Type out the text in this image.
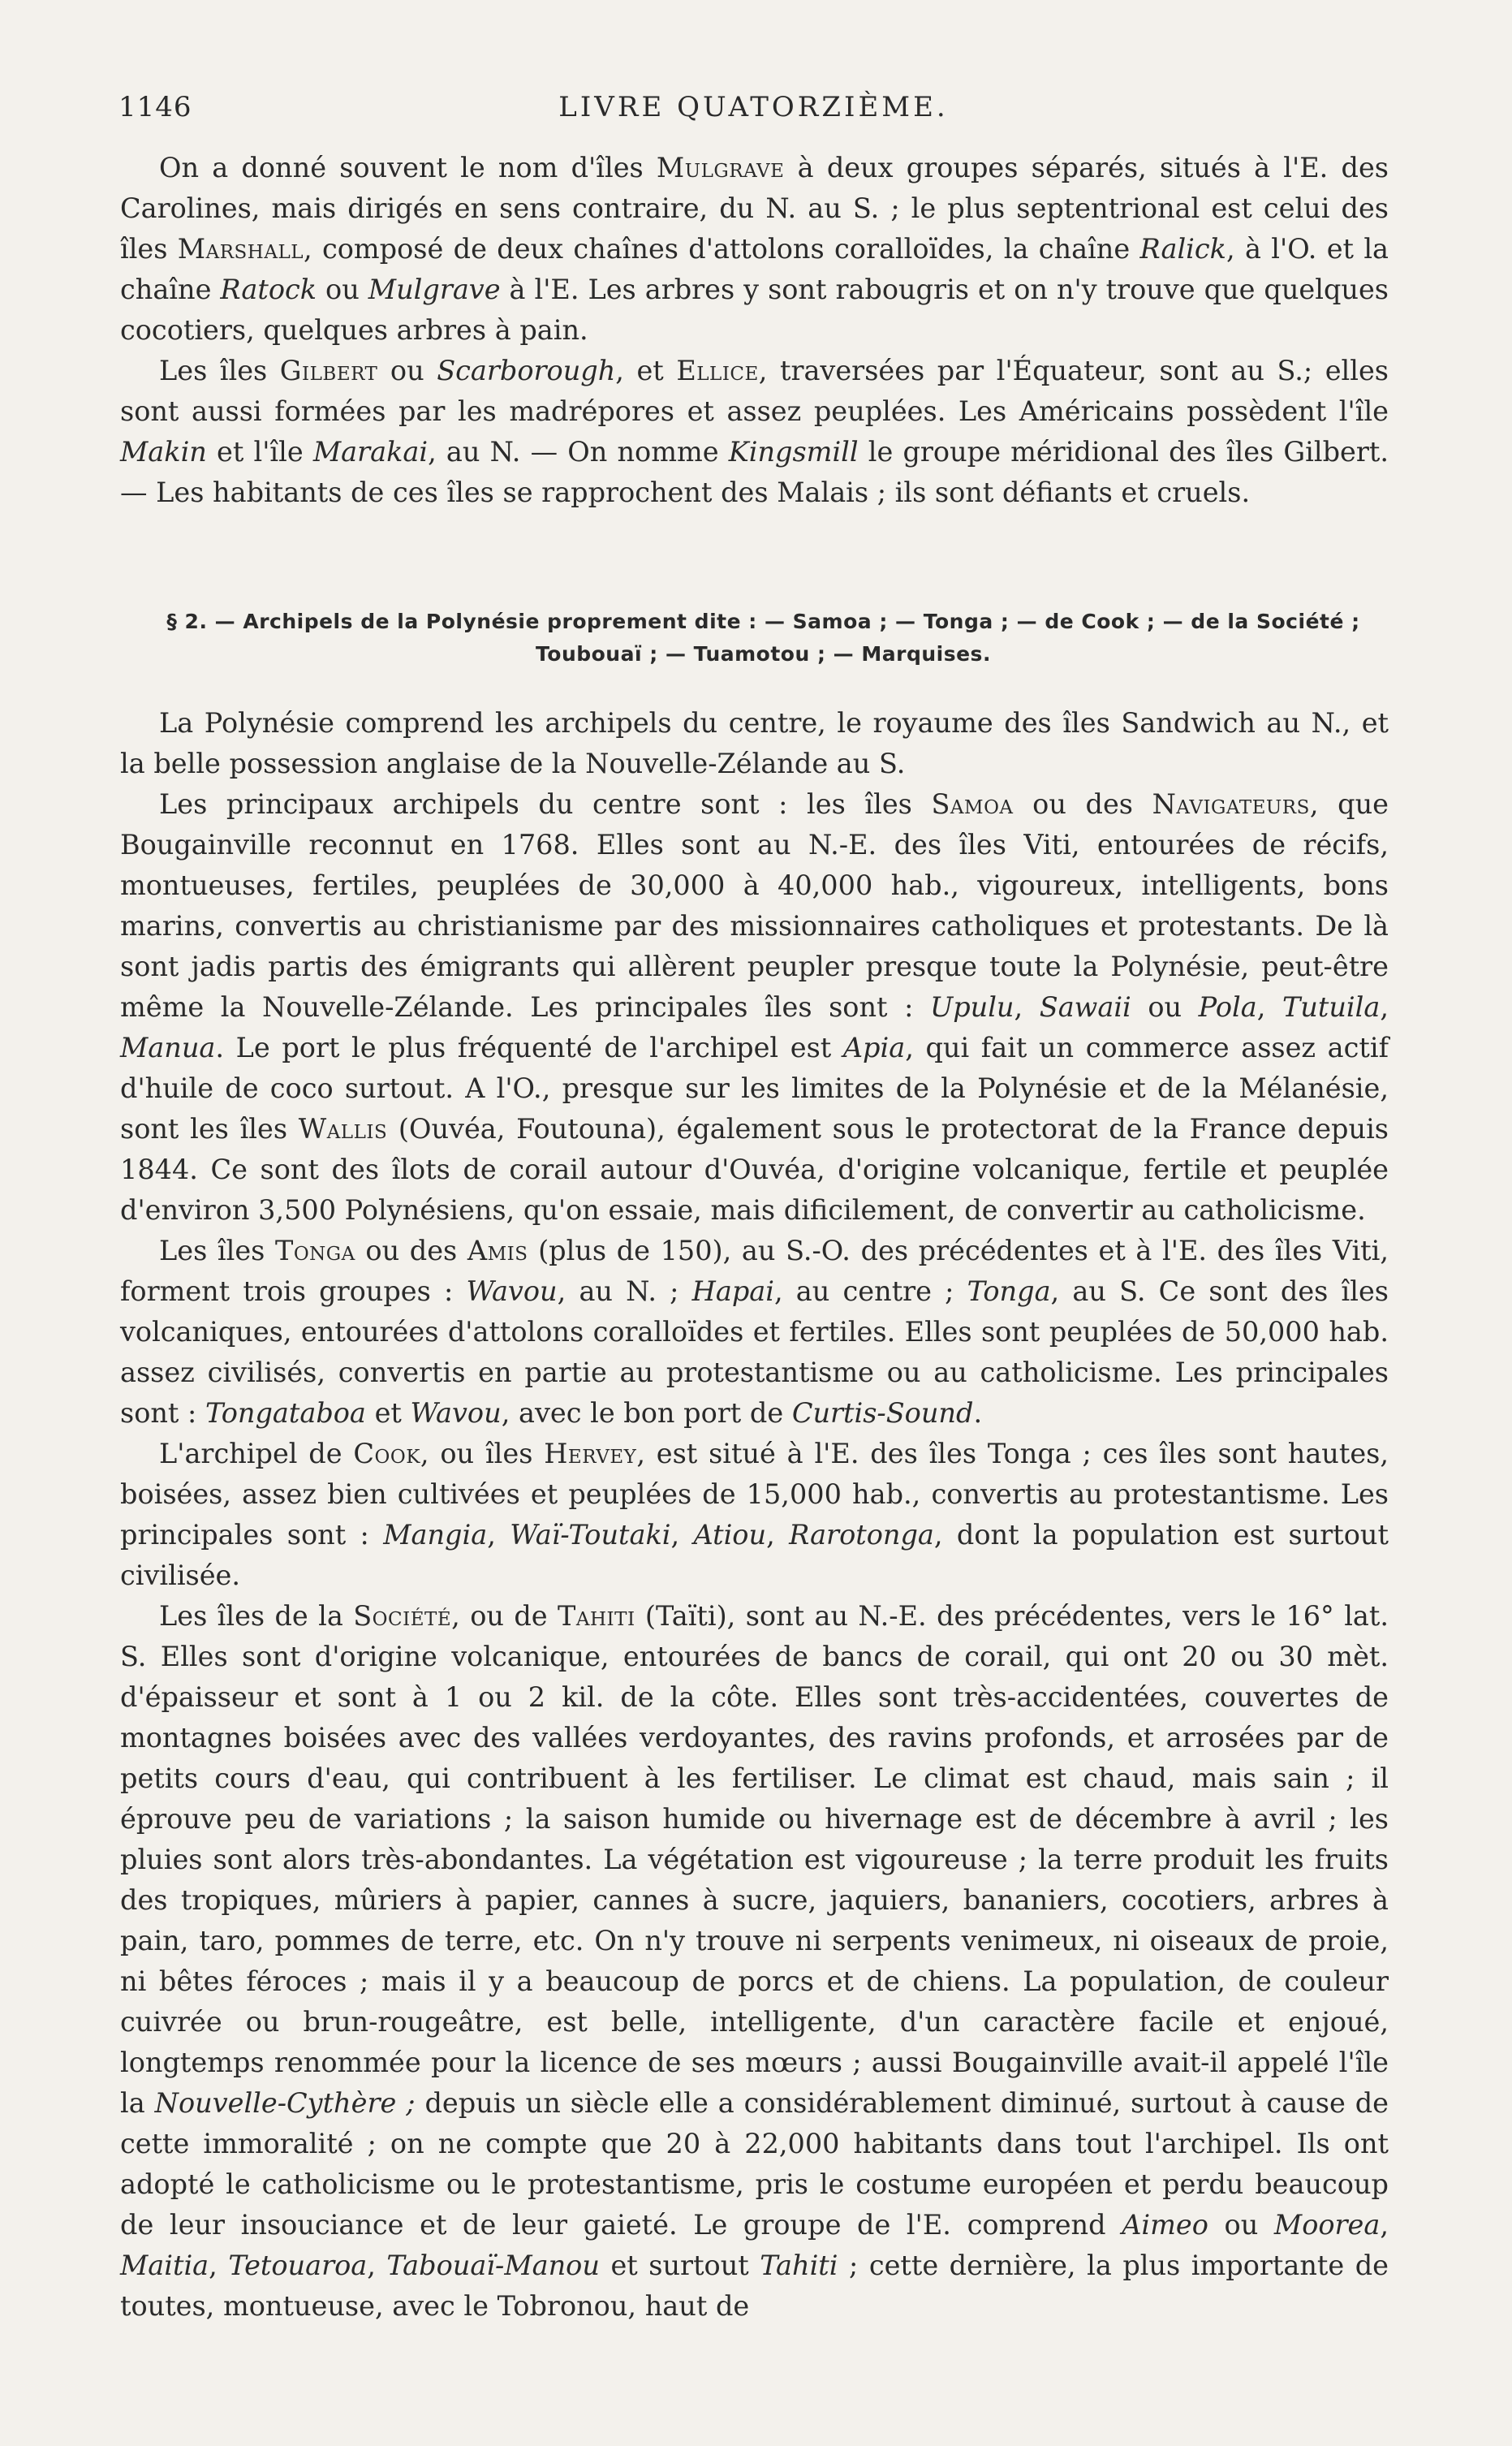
1146	LIVRE QUATORZIÈME.

On a donné souvent le nom d'îles Mulgrave à deux groupes séparés, situés à l'E. des Carolines, mais dirigés en sens contraire, du N. au S. ; le plus septentrional est celui des îles Marshall, composé de deux chaînes d'attolons coralloïdes, la chaîne Ralick, à l'O. et la chaîne Ratock ou Mulgrave à l'E. Les arbres y sont rabougris et on n'y trouve que quelques cocotiers, quelques arbres à pain.

Les îles Gilbert ou Scarborough, et Ellice, traversées par l'Équateur, sont au S.; elles sont aussi formées par les madrépores et assez peuplées. Les Américains possèdent l'île Makin et l'île Marakai, au N. — On nomme Kingsmill le groupe méridional des îles Gilbert. — Les habitants de ces îles se rapprochent des Malais ; ils sont défiants et cruels.

§ 2. — Archipels de la Polynésie proprement dite : — Samoa ; — Tonga ; — de Cook ; — de la Société ;
Toubouaï ; — Tuamotou ; — Marquises.

La Polynésie comprend les archipels du centre, le royaume des îles Sandwich au N., et la belle possession anglaise de la Nouvelle-Zélande au S.

Les principaux archipels du centre sont : les îles Samoa ou des Navigateurs, que Bougainville reconnut en 1768. Elles sont au N.-E. des îles Viti, entourées de récifs, montueuses, fertiles, peuplées de 30,000 à 40,000 hab., vigoureux, intelligents, bons marins, convertis au christianisme par des missionnaires catholiques et protestants. De là sont jadis partis des émigrants qui allèrent peupler presque toute la Polynésie, peut-être même la Nouvelle-Zélande. Les principales îles sont : Upulu, Sawaii ou Pola, Tutuila, Manua. Le port le plus fréquenté de l'archipel est Apia, qui fait un commerce assez actif d'huile de coco surtout. A l'O., presque sur les limites de la Polynésie et de la Mélanésie, sont les îles Wallis (Ouvéa, Foutouna), également sous le protectorat de la France depuis 1844. Ce sont des îlots de corail autour d'Ouvéa, d'origine volcanique, fertile et peuplée d'environ 3,500 Polynésiens, qu'on essaie, mais dificilement, de convertir au catholicisme.

Les îles Tonga ou des Amis (plus de 150), au S.-O. des précédentes et à l'E. des îles Viti, forment trois groupes : Wavou, au N. ; Hapai, au centre ; Tonga, au S. Ce sont des îles volcaniques, entourées d'attolons coralloïdes et fertiles. Elles sont peuplées de 50,000 hab. assez civilisés, convertis en partie au protestantisme ou au catholicisme. Les principales sont : Tongataboa et Wavou, avec le bon port de Curtis-Sound.

L'archipel de Cook, ou îles Hervey, est situé à l'E. des îles Tonga ; ces îles sont hautes, boisées, assez bien cultivées et peuplées de 15,000 hab., convertis au protestantisme. Les principales sont : Mangia, Waï-Toutaki, Atiou, Rarotonga, dont la population est surtout civilisée.

Les îles de la Société, ou de Tahiti (Taïti), sont au N.-E. des précédentes, vers le 16° lat. S. Elles sont d'origine volcanique, entourées de bancs de corail, qui ont 20 ou 30 mèt. d'épaisseur et sont à 1 ou 2 kil. de la côte. Elles sont très-accidentées, couvertes de montagnes boisées avec des vallées verdoyantes, des ravins profonds, et arrosées par de petits cours d'eau, qui contribuent à les fertiliser. Le climat est chaud, mais sain ; il éprouve peu de variations ; la saison humide ou hivernage est de décembre à avril ; les pluies sont alors très-abondantes. La végétation est vigoureuse ; la terre produit les fruits des tropiques, mûriers à papier, cannes à sucre, jaquiers, bananiers, cocotiers, arbres à pain, taro, pommes de terre, etc. On n'y trouve ni serpents venimeux, ni oiseaux de proie, ni bêtes féroces ; mais il y a beaucoup de porcs et de chiens. La population, de couleur cuivrée ou brun-rougeâtre, est belle, intelligente, d'un caractère facile et enjoué, longtemps renommée pour la licence de ses mœurs ; aussi Bougainville avait-il appelé l'île la Nouvelle-Cythère ; depuis un siècle elle a considérablement diminué, surtout à cause de cette immoralité ; on ne compte que 20 à 22,000 habitants dans tout l'archipel. Ils ont adopté le catholicisme ou le protestantisme, pris le costume européen et perdu beaucoup de leur insouciance et de leur gaieté. Le groupe de l'E. comprend Aimeo ou Moorea, Maitia, Tetouaroa, Tabouaï-Manou et surtout Tahiti ; cette dernière, la plus importante de toutes, montueuse, avec le Tobronou, haut de
